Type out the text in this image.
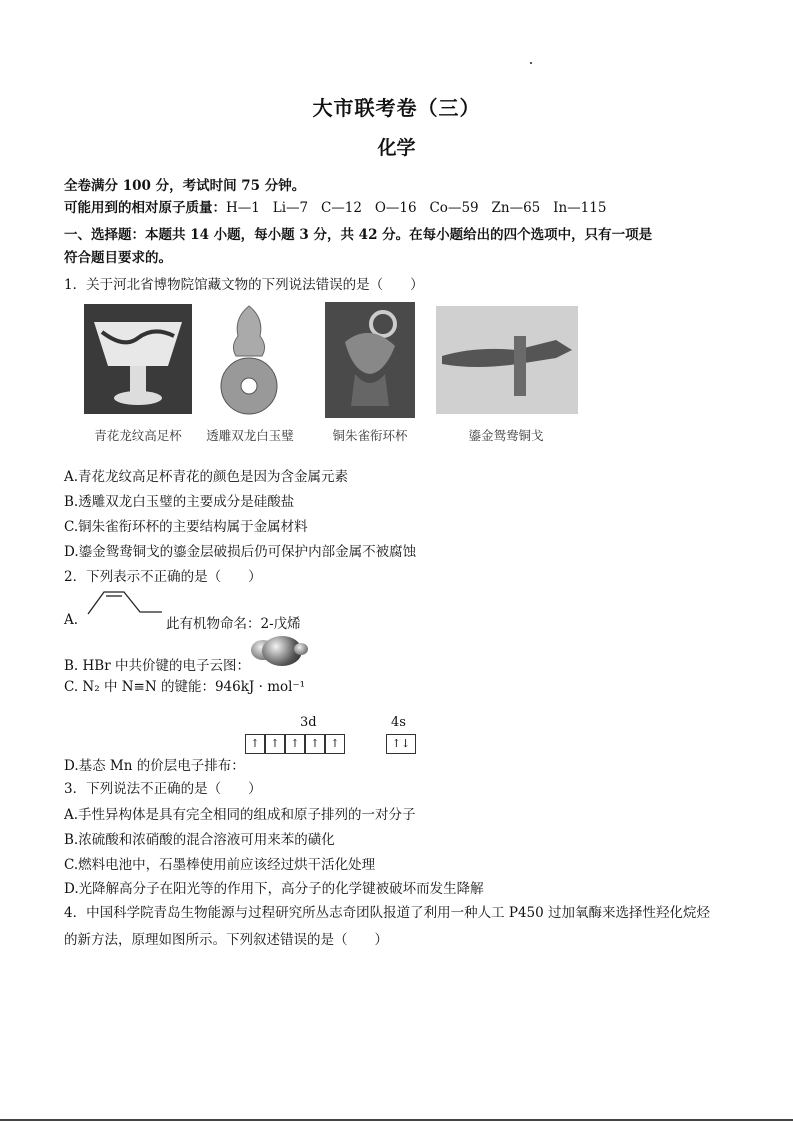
大市联考卷（三）
化学
全卷满分 100 分，考试时间 75 分钟。
可能用到的相对原子质量：H—1   Li—7   C—12   O—16   Co—59   Zn—65   In—115
一、选择题：本题共 14 小题，每小题 3 分，共 42 分。在每小题给出的四个选项中，只有一项是
符合题目要求的。
1．关于河北省博物院馆藏文物的下列说法错误的是（　　）
青花龙纹高足杯	透雕双龙白玉璧	铜朱雀衔环杯	鎏金鸳鸯铜戈
A.青花龙纹高足杯青花的颜色是因为含金属元素
B.透雕双龙白玉璧的主要成分是硅酸盐
C.铜朱雀衔环杯的主要结构属于金属材料
D.鎏金鸳鸯铜戈的鎏金层破损后仍可保护内部金属不被腐蚀
2．下列表示不正确的是（　　）
A.	此有机物命名：2-戊烯
B. HBr 中共价键的电子云图：
C. N₂ 中 N≡N 的键能：946kJ · mol⁻¹
3d	4s
↑ ↑ ↑ ↑ ↑	↑↓
D.基态 Mn 的价层电子排布：
3．下列说法不正确的是（　　）
A.手性异构体是具有完全相同的组成和原子排列的一对分子
B.浓硫酸和浓硝酸的混合溶液可用来苯的磺化
C.燃料电池中，石墨棒使用前应该经过烘干活化处理
D.光降解高分子在阳光等的作用下，高分子的化学键被破坏而发生降解
4．中国科学院青岛生物能源与过程研究所丛志奇团队报道了利用一种人工 P450 过加氧酶来选择性羟化烷烃
的新方法，原理如图所示。下列叙述错误的是（　　）
